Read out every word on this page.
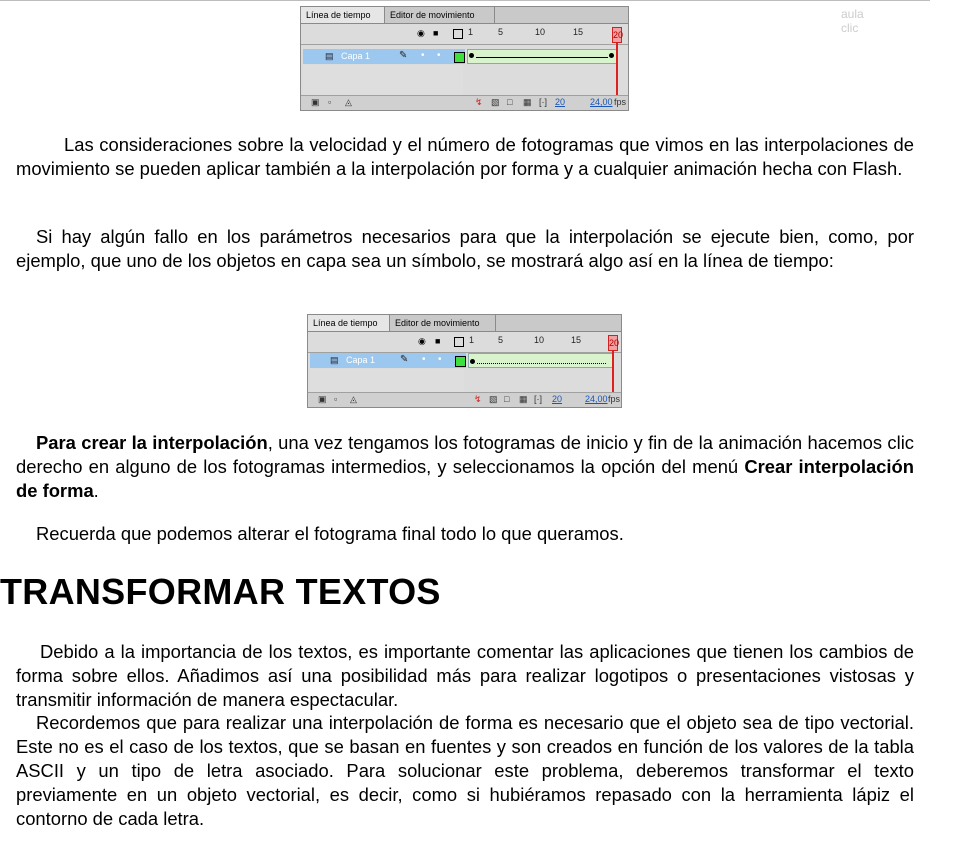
Línea de tiempo	Editor de movimiento	aula clic
◉ ■	1	5	10	15	20
▤ Capa 1	✎ • •
▣ ▫ ◬	↯ ▧ □ ▦ [·] 20	24,00 fps

Las consideraciones sobre la velocidad y el número de fotogramas que vimos en las interpolaciones de movimiento se pueden aplicar también a la interpolación por forma y a cualquier animación hecha con Flash.

Si hay algún fallo en los parámetros necesarios para que la interpolación se ejecute bien, como, por ejemplo, que uno de los objetos en capa sea un símbolo, se mostrará algo así en la línea de tiempo:

Línea de tiempo	Editor de movimiento
◉ ■	1	5	10	15	20
▤ Capa 1 ✎ • •
▣ ▫ ◬	↯ ▧ □ ▦ [·] 20	24,00 fps

Para crear la interpolación, una vez tengamos los fotogramas de inicio y fin de la animación hacemos clic derecho en alguno de los fotogramas intermedios, y seleccionamos la opción del menú Crear interpolación de forma.

Recuerda que podemos alterar el fotograma final todo lo que queramos.

TRANSFORMAR TEXTOS

Debido a la importancia de los textos, es importante comentar las aplicaciones que tienen los cambios de forma sobre ellos. Añadimos así una posibilidad más para realizar logotipos o presentaciones vistosas y transmitir información de manera espectacular.

Recordemos que para realizar una interpolación de forma es necesario que el objeto sea de tipo vectorial. Este no es el caso de los textos, que se basan en fuentes y son creados en función de los valores de la tabla ASCII y un tipo de letra asociado. Para solucionar este problema, deberemos transformar el texto previamente en un objeto vectorial, es decir, como si hubiéramos repasado con la herramienta lápiz el contorno de cada letra.
